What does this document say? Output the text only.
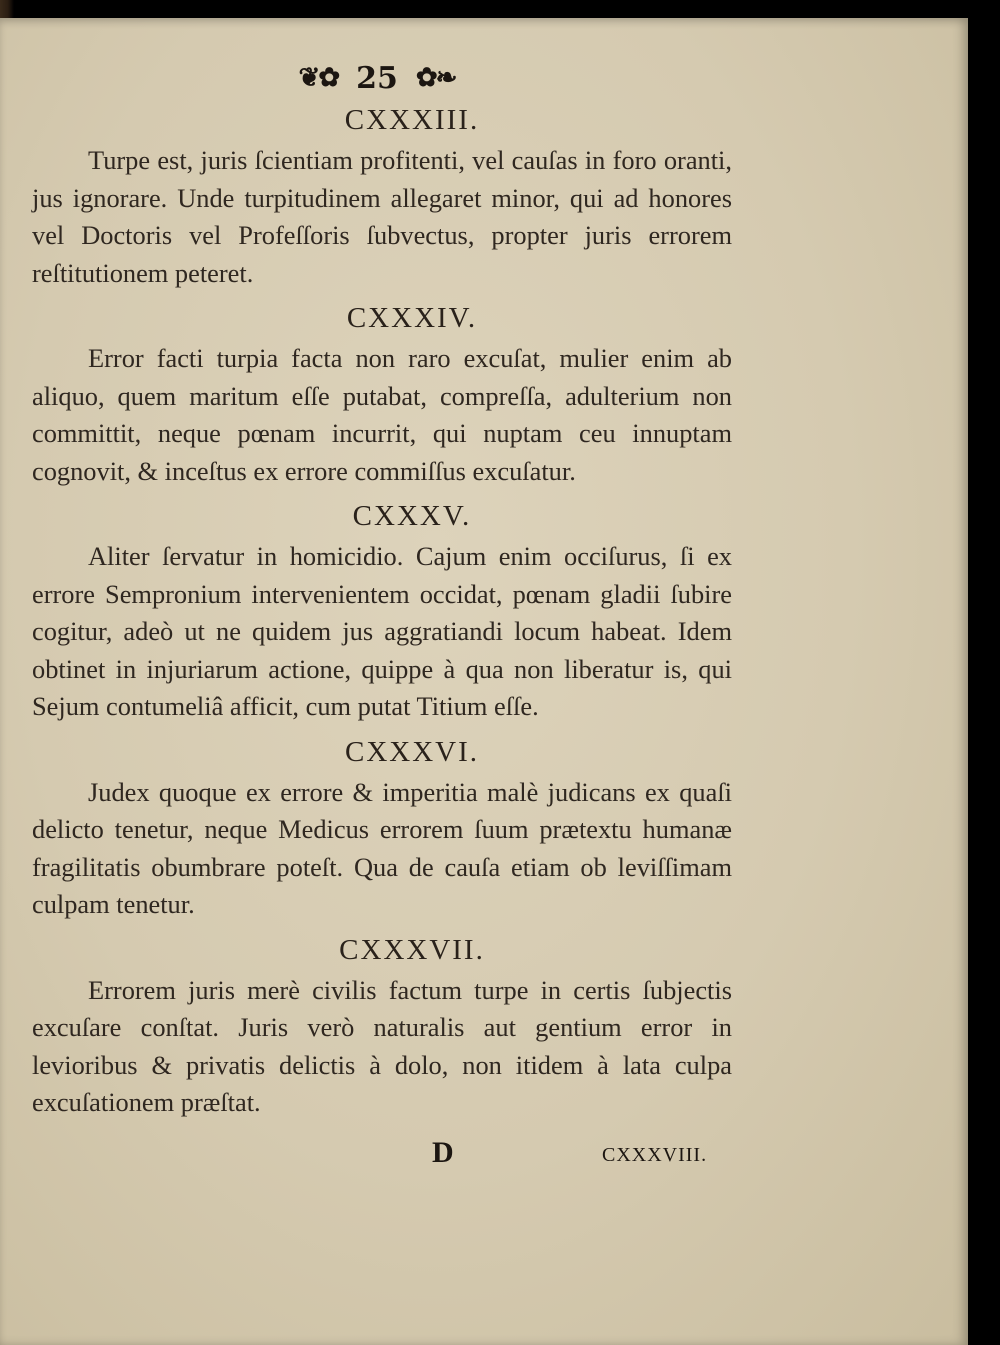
❦✿ 25 ✿❧
CXXXIII.

Turpe est, juris ſcientiam profitenti, vel cauſas in foro oranti, jus ignorare. Unde turpitudinem allegaret minor, qui ad honores vel Doctoris vel Profeſſoris ſubvectus, propter juris errorem reſtitutionem peteret.

CXXXIV.

Error facti turpia facta non raro excuſat, mulier enim ab aliquo, quem maritum eſſe putabat, compreſſa, adulterium non committit, neque pœnam incurrit, qui nuptam ceu innuptam cognovit, & inceſtus ex errore commiſſus excuſatur.

CXXXV.

Aliter ſervatur in homicidio. Cajum enim occiſurus, ſi ex errore Sempronium intervenientem occidat, pœnam gladii ſubire cogitur, adeò ut ne quidem jus aggratiandi locum habeat. Idem obtinet in injuriarum actione, quippe à qua non liberatur is, qui Sejum contumeliâ afficit, cum putat Titium eſſe.

CXXXVI.

Judex quoque ex errore & imperitia malè judicans ex quaſi delicto tenetur, neque Medicus errorem ſuum prætextu humanæ fragilitatis obumbrare poteſt. Qua de cauſa etiam ob leviſſimam culpam tenetur.

CXXXVII.

Errorem juris merè civilis factum turpe in certis ſubjectis excuſare conſtat. Juris verò naturalis aut gentium error in levioribus & privatis delictis à dolo, non itidem à lata culpa excuſationem præſtat.

D	CXXXVIII.
